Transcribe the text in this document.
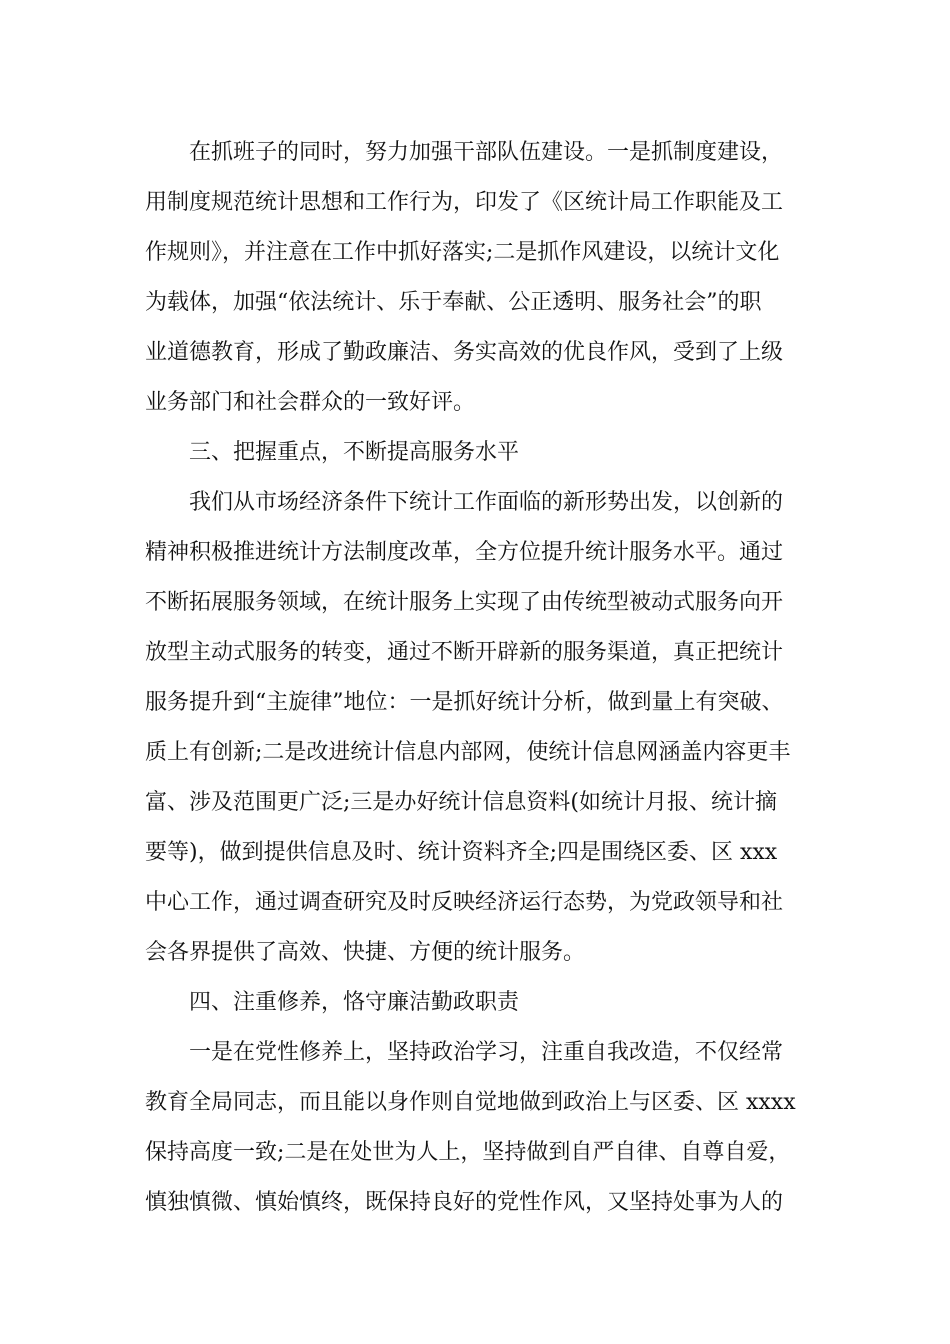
在抓班子的同时，努力加强干部队伍建设。一是抓制度建设，
用制度规范统计思想和工作行为，印发了《区统计局工作职能及工
作规则》，并注意在工作中抓好落实;二是抓作风建设，以统计文化
为载体，加强“依法统计、乐于奉献、公正透明、服务社会”的职
业道德教育，形成了勤政廉洁、务实高效的优良作风，受到了上级
业务部门和社会群众的一致好评。
三、把握重点，不断提高服务水平
我们从市场经济条件下统计工作面临的新形势出发，以创新的
精神积极推进统计方法制度改革，全方位提升统计服务水平。通过
不断拓展服务领域，在统计服务上实现了由传统型被动式服务向开
放型主动式服务的转变，通过不断开辟新的服务渠道，真正把统计
服务提升到“主旋律”地位：一是抓好统计分析，做到量上有突破、
质上有创新;二是改进统计信息内部网，使统计信息网涵盖内容更丰
富、涉及范围更广泛;三是办好统计信息资料(如统计月报、统计摘
要等)，做到提供信息及时、统计资料齐全;四是围绕区委、区 xxx
中心工作，通过调查研究及时反映经济运行态势，为党政领导和社
会各界提供了高效、快捷、方便的统计服务。
四、注重修养，恪守廉洁勤政职责
一是在党性修养上，坚持政治学习，注重自我改造，不仅经常
教育全局同志，而且能以身作则自觉地做到政治上与区委、区 xxxx
保持高度一致;二是在处世为人上，坚持做到自严自律、自尊自爱，
慎独慎微、慎始慎终，既保持良好的党性作风，又坚持处事为人的
